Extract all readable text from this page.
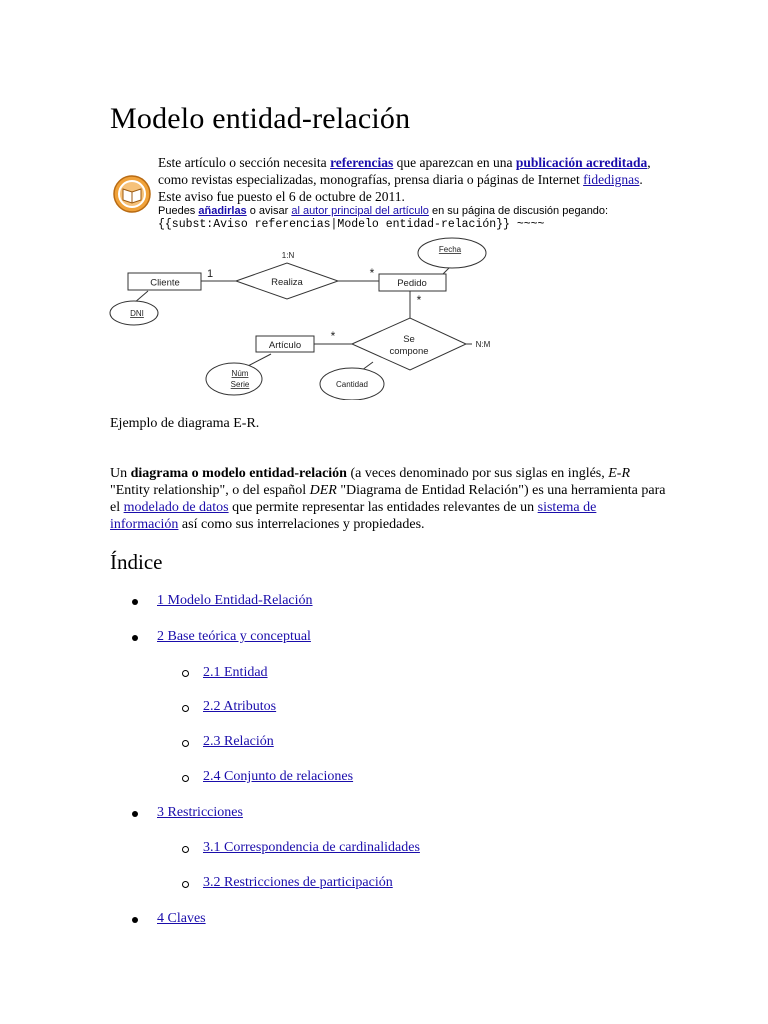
Modelo entidad-relación
Este artículo o sección necesita referencias que aparezcan en una publicación acreditada, como revistas especializadas, monografías, prensa diaria o páginas de Internet fidedignas. Este aviso fue puesto el 6 de octubre de 2011.
Puedes añadirlas o avisar al autor principal del artículo en su página de discusión pegando:
{{subst:Aviso referencias|Modelo entidad-relación}} ~~~~
Cliente	Pedido
Artículo
Realiza
Se
compone
DNI
Fecha
Cantidad
Núm
Serie
1:N
N:M
1	*
*
*
Ejemplo de diagrama E-R.
Un diagrama o modelo entidad-relación (a veces denominado por sus siglas en inglés, E-R "Entity relationship", o del español DER "Diagrama de Entidad Relación") es una herramienta para el modelado de datos que permite representar las entidades relevantes de un sistema de información así como sus interrelaciones y propiedades.
Índice
1 Modelo Entidad-Relación
2 Base teórica y conceptual
2.1 Entidad
2.2 Atributos
2.3 Relación
2.4 Conjunto de relaciones
3 Restricciones
3.1 Correspondencia de cardinalidades
3.2 Restricciones de participación
4 Claves
